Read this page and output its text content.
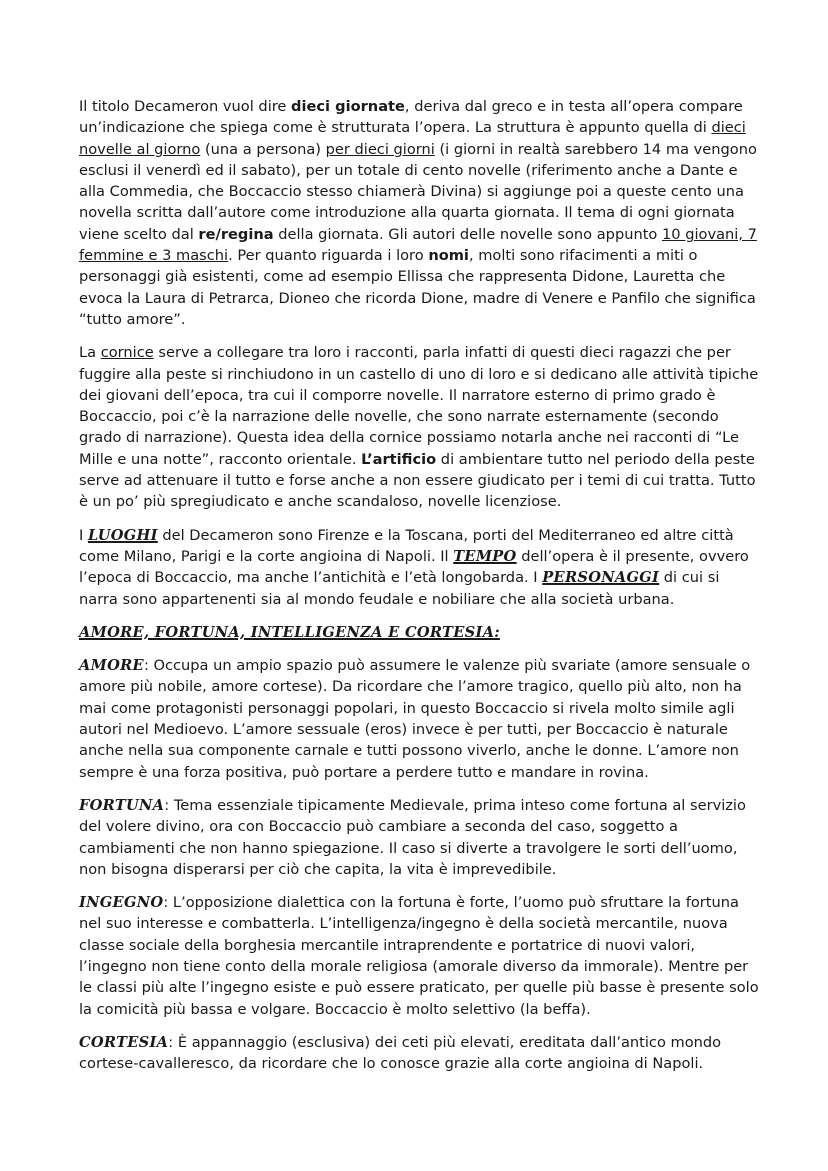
Il titolo Decameron vuol dire dieci giornate, deriva dal greco e in testa all’opera compare un’indicazione che spiega come è strutturata l’opera. La struttura è appunto quella di dieci novelle al giorno (una a persona) per dieci giorni (i giorni in realtà sarebbero 14 ma vengono esclusi il venerdì ed il sabato), per un totale di cento novelle (riferimento anche a Dante e alla Commedia, che Boccaccio stesso chiamerà Divina) si aggiunge poi a queste cento una novella scritta dall’autore come introduzione alla quarta giornata. Il tema di ogni giornata viene scelto dal re/regina della giornata. Gli autori delle novelle sono appunto 10 giovani, 7 femmine e 3 maschi. Per quanto riguarda i loro nomi, molti sono rifacimenti a miti o personaggi già esistenti, come ad esempio Ellissa che rappresenta Didone, Lauretta che evoca la Laura di Petrarca, Dioneo che ricorda Dione, madre di Venere e Panfilo che significa “tutto amore”.

La cornice serve a collegare tra loro i racconti, parla infatti di questi dieci ragazzi che per fuggire alla peste si rinchiudono in un castello di uno di loro e si dedicano alle attività tipiche dei giovani dell’epoca, tra cui il comporre novelle. Il narratore esterno di primo grado è Boccaccio, poi c’è la narrazione delle novelle, che sono narrate esternamente (secondo grado di narrazione). Questa idea della cornice possiamo notarla anche nei racconti di “Le Mille e una notte”, racconto orientale. L’artificio di ambientare tutto nel periodo della peste serve ad attenuare il tutto e forse anche a non essere giudicato per i temi di cui tratta. Tutto è un po’ più spregiudicato e anche scandaloso, novelle licenziose.

I LUOGHI del Decameron sono Firenze e la Toscana, porti del Mediterraneo ed altre città come Milano, Parigi e la corte angioina di Napoli. Il TEMPO dell’opera è il presente, ovvero l’epoca di Boccaccio, ma anche l’antichità e l’età longobarda. I PERSONAGGI di cui si narra sono appartenenti sia al mondo feudale e nobiliare che alla società urbana.

AMORE, FORTUNA, INTELLIGENZA E CORTESIA:

AMORE: Occupa un ampio spazio può assumere le valenze più svariate (amore sensuale o amore più nobile, amore cortese). Da ricordare che l’amore tragico, quello più alto, non ha mai come protagonisti personaggi popolari, in questo Boccaccio si rivela molto simile agli autori nel Medioevo. L’amore sessuale (eros) invece è per tutti, per Boccaccio è naturale anche nella sua componente carnale e tutti possono viverlo, anche le donne. L’amore non sempre è una forza positiva, può portare a perdere tutto e mandare in rovina.

FORTUNA: Tema essenziale tipicamente Medievale, prima inteso come fortuna al servizio del volere divino, ora con Boccaccio può cambiare a seconda del caso, soggetto a cambiamenti che non hanno spiegazione. Il caso si diverte a travolgere le sorti dell’uomo, non bisogna disperarsi per ciò che capita, la vita è imprevedibile.

INGEGNO: L’opposizione dialettica con la fortuna è forte, l’uomo può sfruttare la fortuna nel suo interesse e combatterla. L’intelligenza/ingegno è della società mercantile, nuova classe sociale della borghesia mercantile intraprendente e portatrice di nuovi valori, l’ingegno non tiene conto della morale religiosa (amorale diverso da immorale). Mentre per le classi più alte l’ingegno esiste e può essere praticato, per quelle più basse è presente solo la comicità più bassa e volgare. Boccaccio è molto selettivo (la beffa).

CORTESIA: È appannaggio (esclusiva) dei ceti più elevati, ereditata dall’antico mondo cortese-cavalleresco, da ricordare che lo conosce grazie alla corte angioina di Napoli.
